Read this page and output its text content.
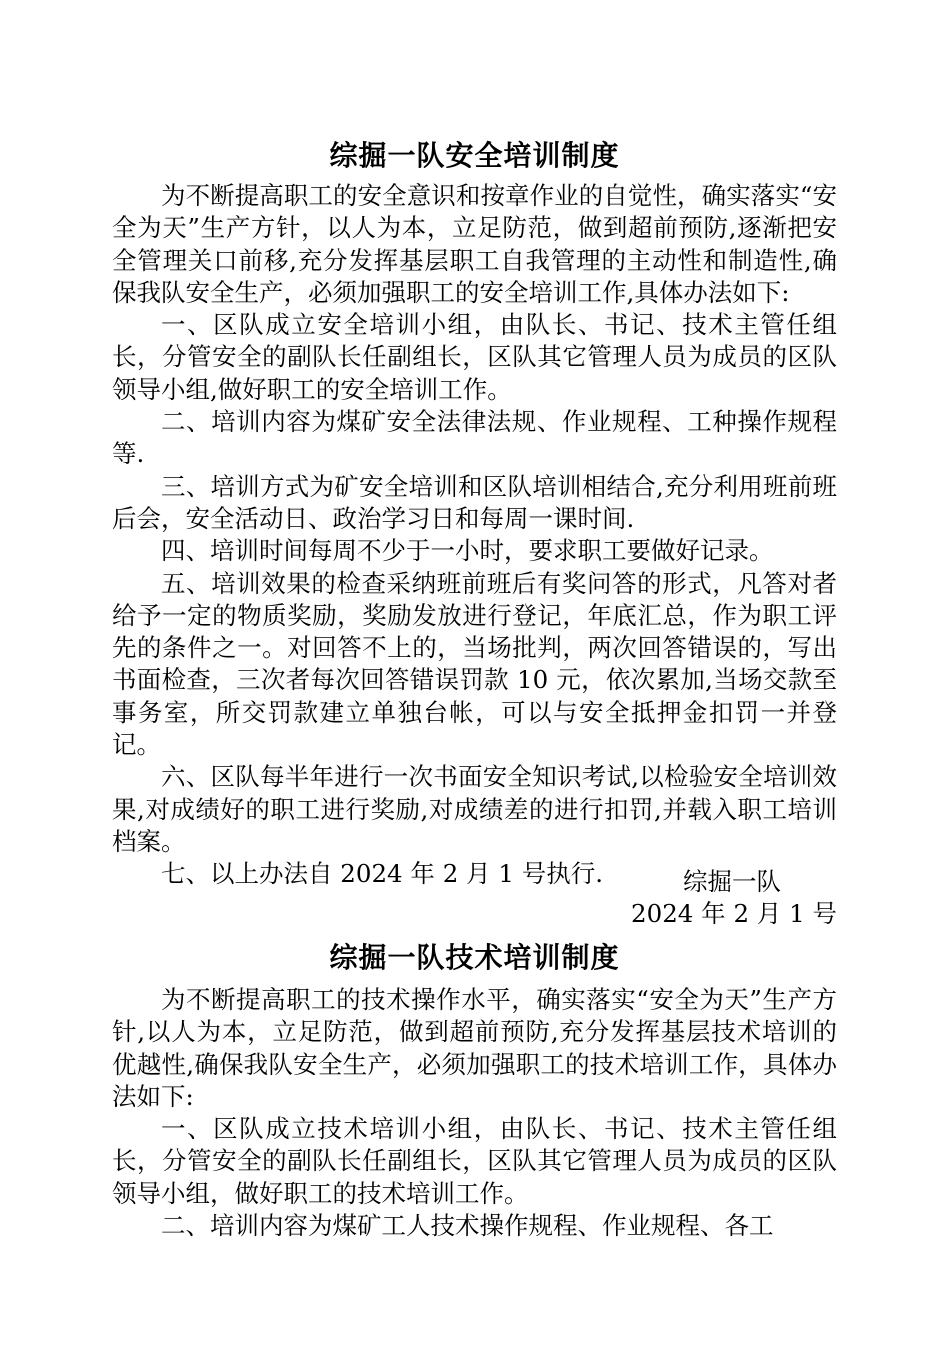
综掘一队安全培训制度

为不断提高职工的安全意识和按章作业的自觉性，确实落实“安全为天”生产方针，以人为本，立足防范，做到超前预防,逐渐把安全管理关口前移,充分发挥基层职工自我管理的主动性和制造性,确保我队安全生产，必须加强职工的安全培训工作,具体办法如下:

一、区队成立安全培训小组，由队长、书记、技术主管任组长，分管安全的副队长任副组长，区队其它管理人员为成员的区队领导小组,做好职工的安全培训工作。

二、培训内容为煤矿安全法律法规、作业规程、工种操作规程等.

三、培训方式为矿安全培训和区队培训相结合,充分利用班前班后会，安全活动日、政治学习日和每周一课时间.

四、培训时间每周不少于一小时，要求职工要做好记录。

五、培训效果的检查采纳班前班后有奖问答的形式，凡答对者给予一定的物质奖励，奖励发放进行登记，年底汇总，作为职工评先的条件之一。对回答不上的，当场批判，两次回答错误的，写出书面检查，三次者每次回答错误罚款 10 元，依次累加,当场交款至事务室，所交罚款建立单独台帐，可以与安全抵押金扣罚一并登记。

六、区队每半年进行一次书面安全知识考试,以检验安全培训效果,对成绩好的职工进行奖励,对成绩差的进行扣罚,并载入职工培训档案。

七、以上办法自 2024 年 2 月 1 号执行.	综掘一队
2024 年 2 月 1 号
综掘一队技术培训制度

为不断提高职工的技术操作水平，确实落实“安全为天”生产方针,以人为本，立足防范，做到超前预防,充分发挥基层技术培训的优越性,确保我队安全生产，必须加强职工的技术培训工作，具体办法如下:

一、区队成立技术培训小组，由队长、书记、技术主管任组长，分管安全的副队长任副组长，区队其它管理人员为成员的区队领导小组，做好职工的技术培训工作。

二、培训内容为煤矿工人技术操作规程、作业规程、各工
